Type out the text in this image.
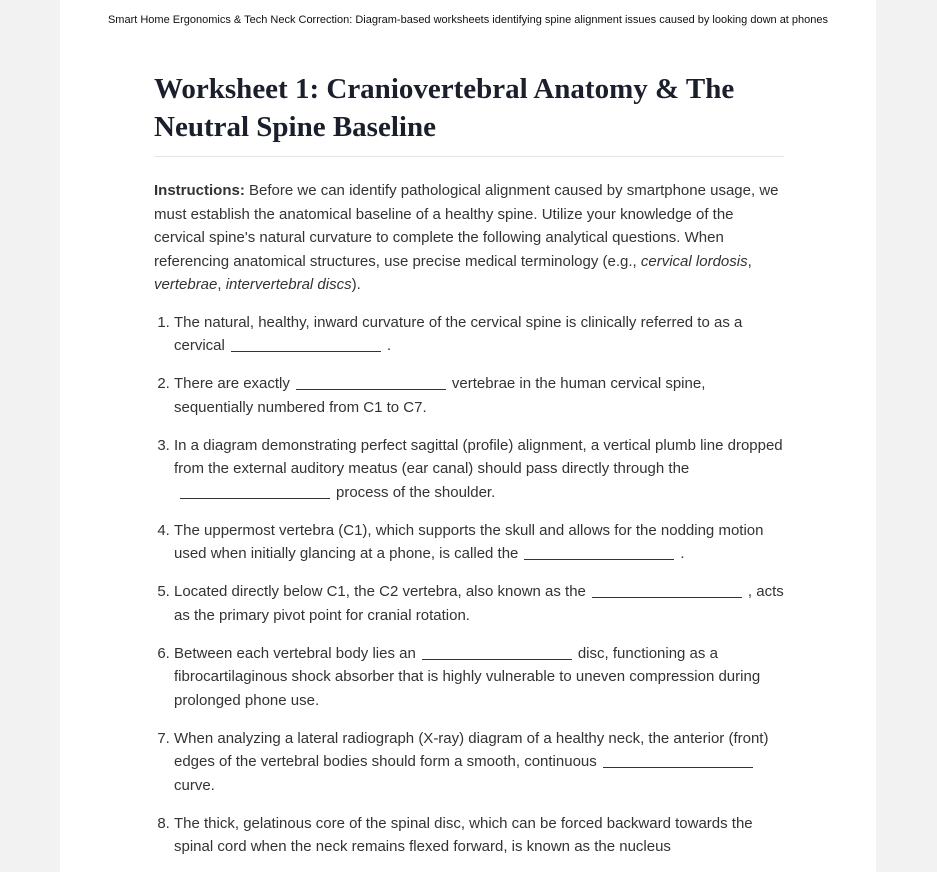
Smart Home Ergonomics & Tech Neck Correction: Diagram-based worksheets identifying spine alignment issues caused by looking down at phones
Worksheet 1: Craniovertebral Anatomy & The Neutral Spine Baseline

Instructions: Before we can identify pathological alignment caused by smartphone usage, we must establish the anatomical baseline of a healthy spine. Utilize your knowledge of the cervical spine's natural curvature to complete the following analytical questions. When referencing anatomical structures, use precise medical terminology (e.g., cervical lordosis, vertebrae, intervertebral discs).

1. The natural, healthy, inward curvature of the cervical spine is clinically referred to as a cervical	.
2. There are exactly	vertebrae in the human cervical spine, sequentially numbered from C1 to C7.
3. In a diagram demonstrating perfect sagittal (profile) alignment, a vertical plumb line dropped from the external auditory meatus (ear canal) should pass directly through theprocess of the shoulder.
4. The uppermost vertebra (C1), which supports the skull and allows for the nodding motion used when initially glancing at a phone, is called the	.
5. Located directly below C1, the C2 vertebra, also known as the	, acts as the primary pivot point for cranial rotation.
6. Between each vertebral body lies an	disc, functioning as a fibrocartilaginous shock absorber that is highly vulnerable to uneven compression during prolonged phone use.
7. When analyzing a lateral radiograph (X-ray) diagram of a healthy neck, the anterior (front) edges of the vertebral bodies should form a smooth, continuouscurve.
8. The thick, gelatinous core of the spinal disc, which can be forced backward towards the spinal cord when the neck remains flexed forward, is known as the nucleus
